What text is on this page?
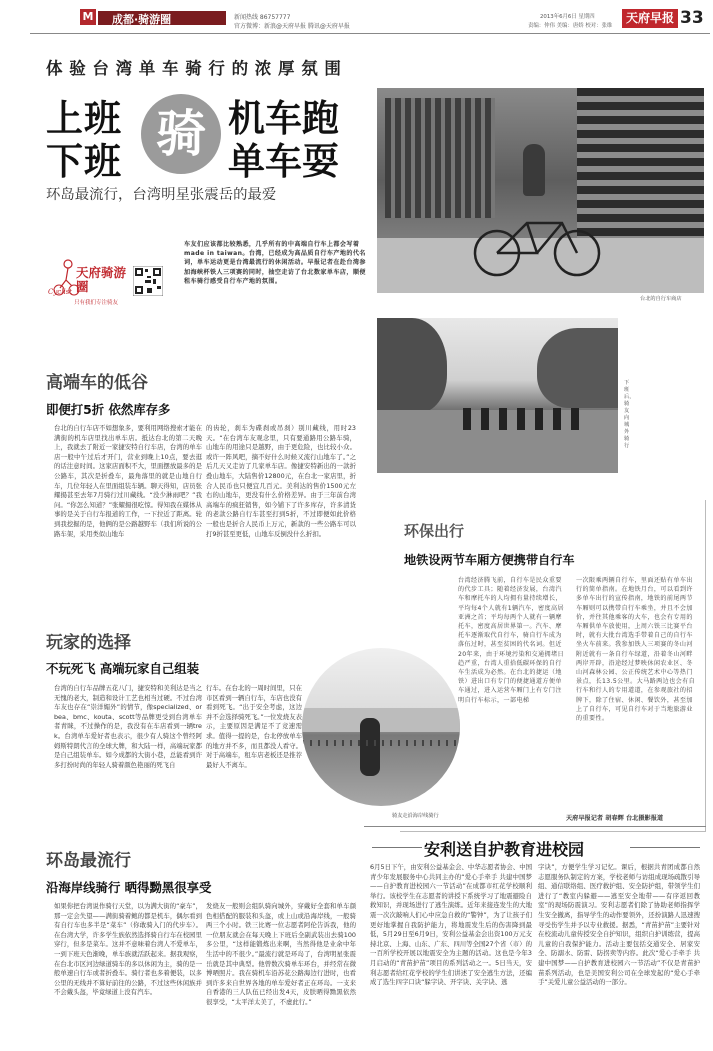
M 成都·骑游圈	新闻热线 86757777
官方微博：新浪@天府早报 腾讯@天府早报
2013年6月6日 星期四
责编：仲伟 美编：唐娇 校对：张维
天府早报 33
体验台湾单车骑行的浓厚氛围
上班
下班 骑 机车跑
单车耍
环岛最流行，台湾明星张震岳的最爱
Cyclist
天府骑游圈
只有我们专注骑友
车友们应该都比较熟悉，几乎所有的中高端自行车上都会写着made in taiwan。台湾，已经成为高品质自行车产地的代名词，单车运动更是台湾最流行的休闲活动。早报记者在赴台湾参加海峡杯铁人三项赛的同时，抽空走访了台北数家单车店，顺便租车骑行感受自行车产地的氛围。
台北的自行车商店
下班后，骑友向城外骑行
骑友走沿海岸线骑行
高端车的低谷
即便打5折 依然库存多
台北的自行车店不如想象多，要利用网络搜索才能在满街的机车店里找出单车店。抵达台北的第二天晚上，我就去了附近一家捷安特自行车店，台湾的单车店一般中午过后才开门，营业到晚上10点，要去逛的话注意时间。这家店面积不大，里面摆放最多的是公路车，其次是折叠车，最角落里的就是山地自行车，几位年轻人在里面组装车辆。聊天得知，店员张耀揚甚至去年7月骑行过川藏线。“没少淋雨吧？”我问。“你怎么知道？”张耀揚很吃惊。得知我在媒体从事的是关于自行车报道的工作，一下拉近了距离。轮到我挖掘的是，他俩的是公路越野车（我们所说的公路车架，采用类似山地车
的齿轮，刹车为碟刹或吊刹）别川藏线，用时23天。“在台湾车友观念里，只有要通路用公路车骑，山地车的用途只是越野，由于更危险，也比较小众。或许一阵风吧，摘不好什么时候又流行山地车了。”之后几天又走访了几家单车店。像捷安特新出的一款折叠山地车，大陆售价12800元，在台北一家店里，折合人民币也只便宜几百元。美利达的售价1500元左右的山地车，更没有什么价格差异。由于三年前台湾高端车的疯狂销售，如今铺下了许多库存，许多清货的老款公路自行车甚至打到5折，不过即便如此价格一般也是折合人民币上万元，新款的一些公路车可以打9折甚至更低，山地车反倒没什么折扣。	环保出行
地铁设两节车厢方便携带自行车
台湾经济腾飞前，自行车是民众重要的代步工具；随着经济发展，台湾汽车和摩托车的人均拥有量持续增长，平均每4个人就有1辆汽车，密度高居亚洲之首；平均每两个人就有一辆摩托车，密度高居世界第一。汽车、摩托车逐渐取代自行车，骑自行车成为落伍过时，甚至贫困的代名词。但近20年来，由于环境污染和交通拥堵日趋严重，台湾人重拾低碳环保的自行车生活成为必然。在台北的捷运（地铁）进出口有专门的便捷通道方便单车通过，进入运营车厢门上有专门注明自行车标示，一部电梯
一次限乘两辆自行车，里面还贴有单车出行的简单指南。在地铁月台，可以看到许多单车出行的宣传指南，地铁的前尾两节车厢则可以携带自行车乘坐，并且不会加价，并往其他乘客的大车，也会有专用的车厢供单车放使用，上周六铁三比赛平台时，就有大批台湾选手带着自己的自行车坐火车前来。我参加铁人三项赛的冬山河附近就有一条自行车绿道，沿着冬山河畔两岸开辟，沿途经过梦映休闲农业区、冬山河森林公园、公正传统艺术中心等热门景点，长13.5公里。大马路两边也会有自行车和行人的专用道道，在参观旅社的招牌下，除了住宿、休闲、餐饮外，甚至加上了自行车，可见自行车对于当地旅游业的重要性。
天府早报记者 胡春辉 台北摄影报道
玩家的选择
不玩死飞 高端玩家自己组装
台湾的自行车品牌五花八门，捷安特和美利达是当之无愧的老大，制造和设计工艺也相当过硬。不过台湾车友也存在“崇洋媚外”的情节，像specialized、orbea、bmc、kouta、scott等品牌更受到台湾单车者青睐，不过操作的是，我没有在车店看到一辆trek。台湾单车爱好者也表示，很少有人骑这个曾经阿姆斯特朗代言的全球大牌，和大陆一样，高端玩家都是自己组装单车。如今成都的大街小巷，总能看到许多打扮时尚的年轻人骑着颜色艳丽的死飞自
行车。在台北的一周时间里，只在市区看到一辆自行车，车店也没有看到死飞。“出于安全考虑，这边并不会选择骑死飞。”一位发烧友表示，主要原因是满足不了竞速需求。值得一提的是，台北停放单车的地方并不多，而且都没人看守。对于高端车，租车店老板还是推荐最好人不离车。
环岛最流行
沿海岸线骑行 晒得黝黑很享受
如果你把台湾说作骑行天堂，以为满大街的“豪车”，那一定会失望——满街骑着鲍的都是机车，偶尔看到有自行车也多半是“菜车”（你敢骑入门的代步车）。在台湾大学，许多学生族依然选择骑自行车在校园里穿行，但多是菜车。这并不意味着台湾人不爱单车，一到下班天色渐晚，单车族就活跃起来。据我观察，在台北市区河边绿道骑车的多以休闲为主，骑的是一般单速自行车或者折叠车。骑行者也多着便装，以多公里的无线并不算好前往的公路，不过这些休闲族并不会戴头盔，毕竟绿道上没有汽车。
发烧友一般则会组队骑向城外，穿戴好全套和单车颜色相搭配的服装和头盔，或上山或沿海岸线，一般骑两三个小时。铁三比赛一位志愿者阿伦告诉我，他的一位朋友就会在每天晚上下班后全副武装出去骑100多公里，“这样能锻炼出来啊，当然得他是业余中年生活中的不很少。”最流行就是环岛了，台湾明星张震岳就是其中典型。他曾数次骑单车环台，并经常在微博晒照片。我在骑机车沿苏花公路海边行进时，也看到许多来自世界各地的单车爱好者正在环岛。一支来自香港的三人队伍已经出发4天，皮肤晒得黝黑依然很享受，“太平洋太美了，不虚此行。”
安利送自护教育进校园
6月5日下午，由安利公益基金会、中华志愿者协会、中国青少年发展服务中心共同主办的“爱心手牵手 共建中国梦——自护教育进校园六一节活动”在成都市红花学校顺利举行。该校学生在志愿者的讲授下系统学习了地震避险自救知识，并现场进行了逃生演练。近年来接连发生的大地震一次次敲响人们心中应急自救的“警钟”，为了让孩子们更好地掌握自我防护能力，将地震发生后的伤害降到最低，5月29日至6月9日，安利公益基金会出资100万元支持北京、上海、山东、广东、四川等全国27个省（市）的一百所学校开展以地震安全为主题的活动。这也是今年3月启动的“青苗护苗”项目的系列活动之一。5日当天，安利志愿者给红花学校的学生们讲述了安全逃生方法，还编成了选生四字口诀“躲字诀、开字诀、关字诀、逃
字诀”，方便学生学习记忆。课后，根据共青团成都自然志愿服务队制定的方案，学校老师与访组成现场疏散引导组、通信联络组、医疗救护组、安全防护组，带领学生们进行了“教室内躲避——逃至安全地带——有序返回教室”的现场防震演习。安利志愿者们除了协助老师指挥学生安全撤离，指导学生的动作要领外，还扮演路人迅速搜寻受伤学生并予以专业救援。据悉，“青苗护苗”主要针对在校流动儿童传授安全自护知识，组织自护训练营，提高儿童的自我保护能力。活动主要包括交通安全、居家安全、防溺水、防雷、防拐卖等内容。此次“爱心手牵手 共建中国梦——自护教育进校园六一节活动”不仅是青苗护苗系列活动，也是美国安利公司在全球发起的“爱心手牵手”关爱儿童公益活动的一部分。
